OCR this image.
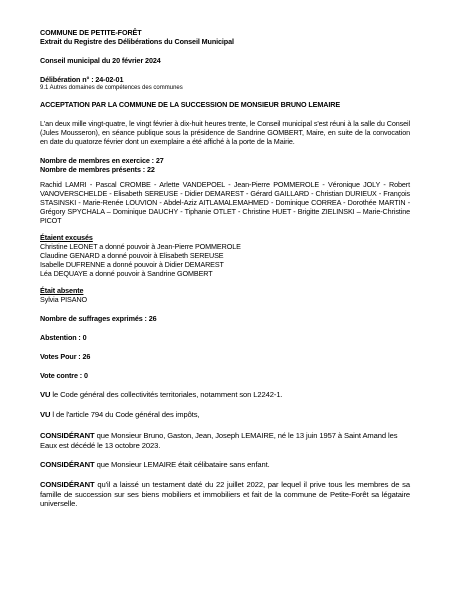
COMMUNE DE PETITE-FORÊT

Extrait du Registre des Délibérations du Conseil Municipal

Conseil municipal du 20 février 2024

Délibération n° : 24-02-01

9.1 Autres domaines de compétences des communes

ACCEPTATION PAR LA COMMUNE DE LA SUCCESSION DE MONSIEUR BRUNO LEMAIRE

L'an deux mille vingt-quatre, le vingt février à dix-huit heures trente, le Conseil municipal s'est réuni à la salle du Conseil (Jules Mousseron), en séance publique sous la présidence de Sandrine GOMBERT, Maire, en suite de la convocation en date du quatorze février dont un exemplaire a été affiché à la porte de la Mairie.

Nombre de membres en exercice : 27

Nombre de membres présents : 22

Rachid LAMRI - Pascal CROMBE - Arlette VANDEPOEL - Jean-Pierre POMMEROLE - Véronique JOLY - Robert VANOVERSCHELDE - Elisabeth SEREUSE - Didier DEMAREST - Gérard GAILLARD - Christian DURIEUX - François STASINSKI - Marie-Renée LOUVION - Abdel-Aziz AITLAMALEMAHMED - Dominique CORREA - Dorothée MARTIN - Grégory SPYCHALA – Dominique DAUCHY - Tiphanie OTLET - Christine HUET - Brigitte ZIELINSKI – Marie-Christine PICOT

Étaient excusés

Christine LEONET a donné pouvoir à Jean-Pierre POMMEROLE

Claudine GENARD a donné pouvoir à Elisabeth SEREUSE

Isabelle DUFRENNE a donné pouvoir à Didier DEMAREST

Léa DEQUAYE a donné pouvoir à Sandrine GOMBERT

Était absente

Sylvia PISANO

Nombre de suffrages exprimés : 26

Abstention : 0

Votes Pour : 26

Vote contre : 0

VU le Code général des collectivités territoriales, notamment son L2242-1.

VU l de l'article 794 du Code général des impôts,

CONSIDÉRANT que Monsieur Bruno, Gaston, Jean, Joseph LEMAIRE, né le 13 juin 1957 à Saint Amand les Eaux est décédé le 13 octobre 2023.

CONSIDÉRANT que Monsieur LEMAIRE était célibataire sans enfant.

CONSIDÉRANT qu'il a laissé un testament daté du 22 juillet 2022, par lequel il prive tous les membres de sa famille de succession sur ses biens mobiliers et immobiliers et fait de la commune de Petite-Forêt sa légataire universelle.
